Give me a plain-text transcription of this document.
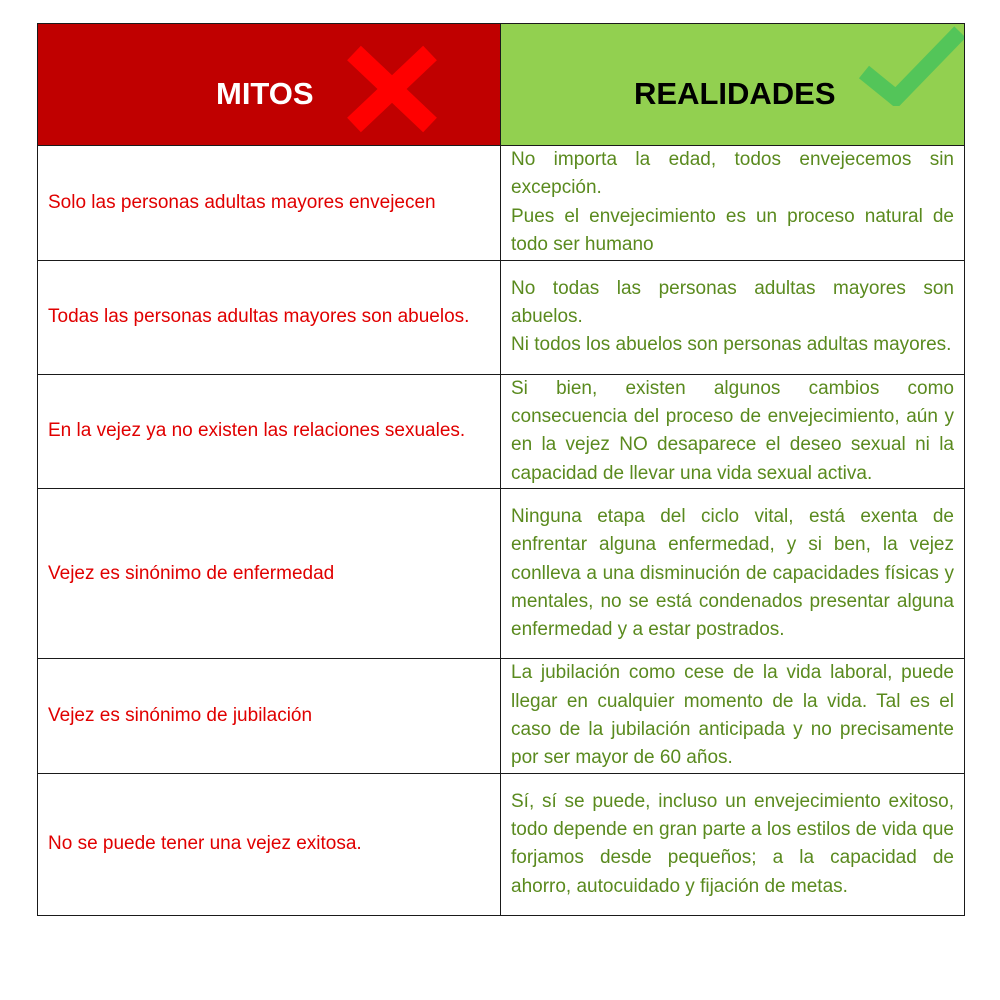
MITOS	REALIDADES

Solo las personas adultas mayores envejecen	No importa la edad, todos envejecemos sin excepción.

Pues el envejecimiento es un proceso natural de todo ser humano

Todas las personas adultas mayores son abuelos.	No todas las personas adultas mayores son abuelos.

Ni todos los abuelos son personas adultas mayores.

En la vejez ya no existen las relaciones sexuales.	Si bien, existen algunos cambios como consecuencia del proceso de envejecimiento, aún y en la vejez NO desaparece el deseo sexual ni la capacidad de llevar una vida sexual activa.

Vejez es sinónimo de enfermedad	Ninguna etapa del ciclo vital, está exenta de enfrentar alguna enfermedad, y si ben, la vejez conlleva a una disminución de capacidades físicas y mentales, no se está condenados presentar alguna enfermedad y a estar postrados.

Vejez es sinónimo de jubilación	La jubilación como cese de la vida laboral, puede llegar en cualquier momento de la vida. Tal es el caso de la jubilación anticipada y no precisamente por ser mayor de 60 años.

No se puede tener una vejez exitosa.	Sí, sí se puede, incluso un envejecimiento exitoso, todo depende en gran parte a los estilos de vida que forjamos desde pequeños; a la capacidad de ahorro, autocuidado y fijación de metas.
